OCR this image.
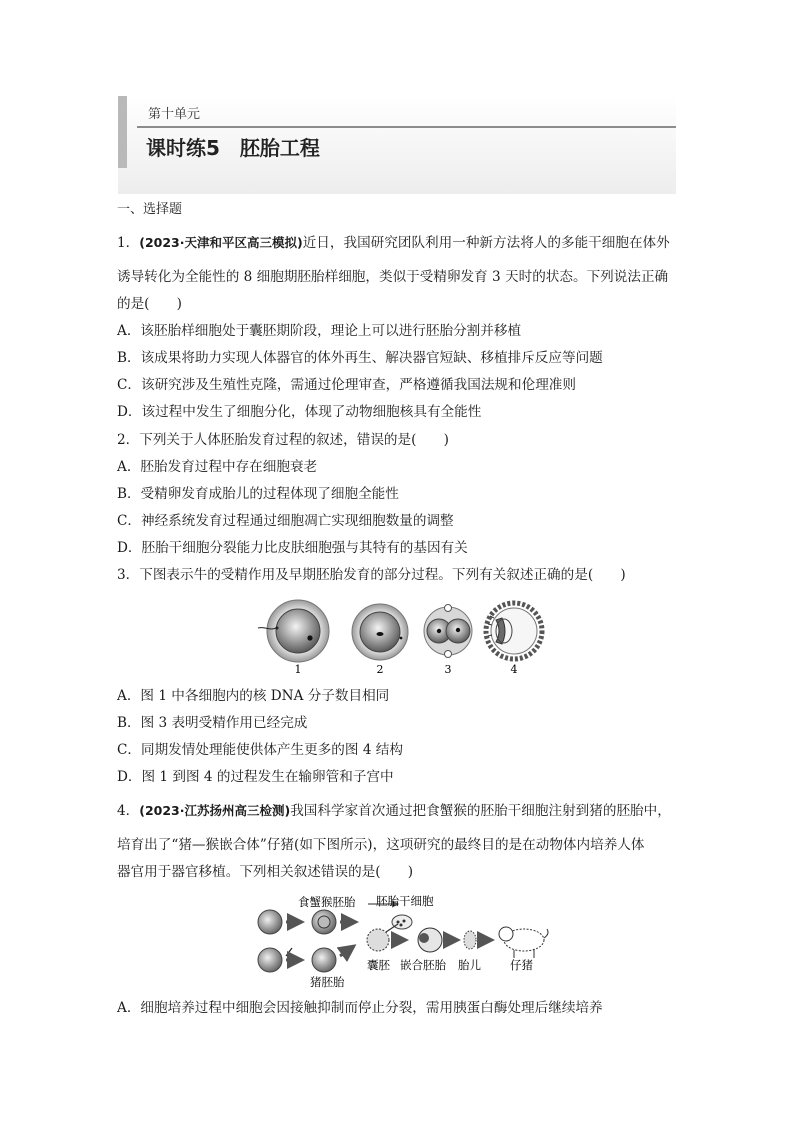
第十单元
课时练5　胚胎工程
一、选择题
1．(2023·天津和平区高三模拟)近日，我国研究团队利用一种新方法将人的多能干细胞在体外
诱导转化为全能性的 8 细胞期胚胎样细胞，类似于受精卵发育 3 天时的状态。下列说法正确
的是(　　)
A．该胚胎样细胞处于囊胚期阶段，理论上可以进行胚胎分割并移植
B．该成果将助力实现人体器官的体外再生、解决器官短缺、移植排斥反应等问题
C．该研究涉及生殖性克隆，需通过伦理审查，严格遵循我国法规和伦理准则
D．该过程中发生了细胞分化，体现了动物细胞核具有全能性
2．下列关于人体胚胎发育过程的叙述，错误的是(　　)
A．胚胎发育过程中存在细胞衰老
B．受精卵发育成胎儿的过程体现了细胞全能性
C．神经系统发育过程通过细胞凋亡实现细胞数量的调整
D．胚胎干细胞分裂能力比皮肤细胞强与其特有的基因有关
3．下图表示牛的受精作用及早期胚胎发育的部分过程。下列有关叙述正确的是(　　)
1	2	3	4
A．图 1 中各细胞内的核 DNA 分子数目相同
B．图 3 表明受精作用已经完成
C．同期发情处理能使供体产生更多的图 4 结构
D．图 1 到图 4 的过程发生在输卵管和子宫中
4．(2023·江苏扬州高三检测)我国科学家首次通过把食蟹猴的胚胎干细胞注射到猪的胚胎中，
培育出了“猪—猴嵌合体”仔猪(如下图所示)，这项研究的最终目的是在动物体内培养人体
器官用于器官移植。下列相关叙述错误的是(　　)
食蟹猴胚胎 胚胎干细胞
猪胚胎
囊胚 嵌合胚胎 胎儿	仔猪
A．细胞培养过程中细胞会因接触抑制而停止分裂，需用胰蛋白酶处理后继续培养
